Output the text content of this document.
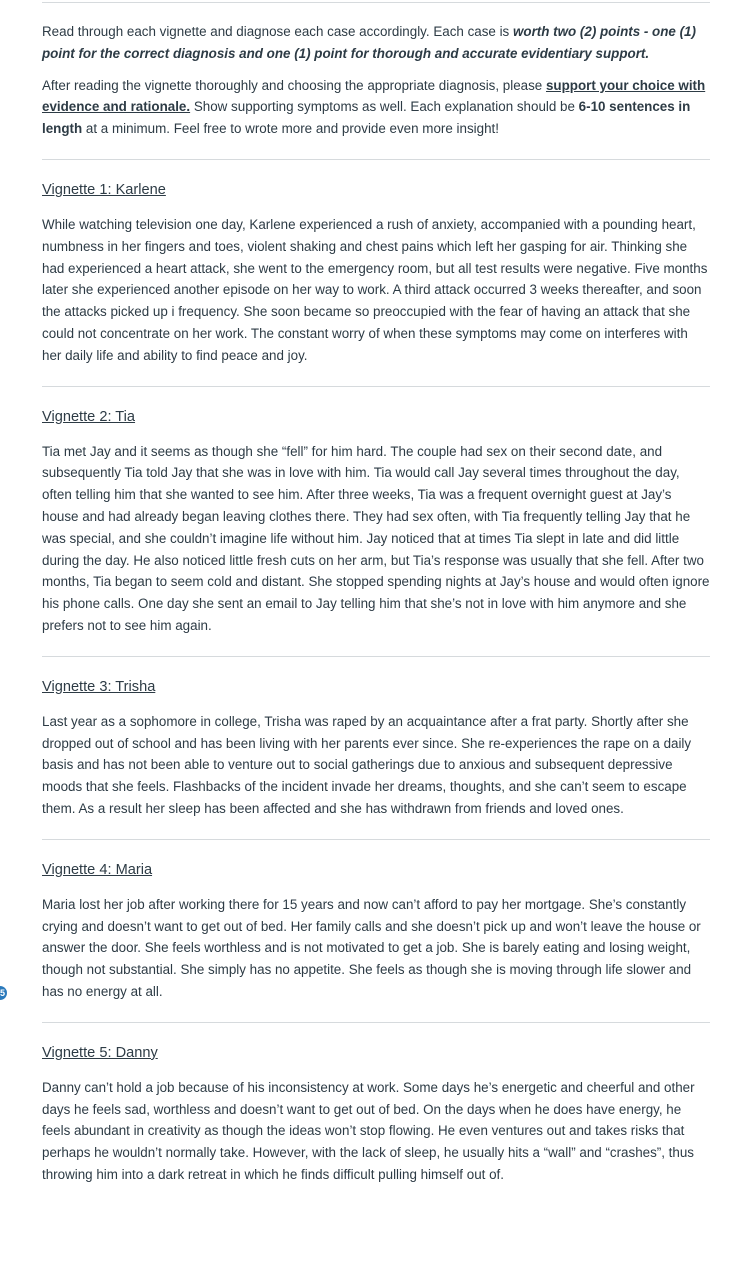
5

Read through each vignette and diagnose each case accordingly. Each case is worth two (2) points - one (1) point for the correct diagnosis and one (1) point for thorough and accurate evidentiary support.

After reading the vignette thoroughly and choosing the appropriate diagnosis, please support your choice with evidence and rationale. Show supporting symptoms as well. Each explanation should be 6-10 sentences in length at a minimum. Feel free to wrote more and provide even more insight!

Vignette 1: Karlene

While watching television one day, Karlene experienced a rush of anxiety, accompanied with a pounding heart, numbness in her fingers and toes, violent shaking and chest pains which left her gasping for air. Thinking she had experienced a heart attack, she went to the emergency room, but all test results were negative. Five months later she experienced another episode on her way to work. A third attack occurred 3 weeks thereafter, and soon the attacks picked up i frequency. She soon became so preoccupied with the fear of having an attack that she could not concentrate on her work. The constant worry of when these symptoms may come on interferes with her daily life and ability to find peace and joy.

Vignette 2: Tia

Tia met Jay and it seems as though she “fell” for him hard. The couple had sex on their second date, and subsequently Tia told Jay that she was in love with him. Tia would call Jay several times throughout the day, often telling him that she wanted to see him. After three weeks, Tia was a frequent overnight guest at Jay’s house and had already began leaving clothes there. They had sex often, with Tia frequently telling Jay that he was special, and she couldn’t imagine life without him. Jay noticed that at times Tia slept in late and did little during the day. He also noticed little fresh cuts on her arm, but Tia’s response was usually that she fell. After two months, Tia began to seem cold and distant. She stopped spending nights at Jay’s house and would often ignore his phone calls. One day she sent an email to Jay telling him that she’s not in love with him anymore and she prefers not to see him again.

Vignette 3: Trisha

Last year as a sophomore in college, Trisha was raped by an acquaintance after a frat party. Shortly after she dropped out of school and has been living with her parents ever since. She re-experiences the rape on a daily basis and has not been able to venture out to social gatherings due to anxious and subsequent depressive moods that she feels. Flashbacks of the incident invade her dreams, thoughts, and she can’t seem to escape them. As a result her sleep has been affected and she has withdrawn from friends and loved ones.

Vignette 4: Maria

Maria lost her job after working there for 15 years and now can’t afford to pay her mortgage. She’s constantly crying and doesn’t want to get out of bed. Her family calls and she doesn’t pick up and won’t leave the house or answer the door. She feels worthless and is not motivated to get a job. She is barely eating and losing weight, though not substantial. She simply has no appetite. She feels as though she is moving through life slower and has no energy at all.

Vignette 5: Danny

Danny can’t hold a job because of his inconsistency at work. Some days he’s energetic and cheerful and other days he feels sad, worthless and doesn’t want to get out of bed. On the days when he does have energy, he feels abundant in creativity as though the ideas won’t stop flowing. He even ventures out and takes risks that perhaps he wouldn’t normally take. However, with the lack of sleep, he usually hits a “wall” and “crashes”, thus throwing him into a dark retreat in which he finds difficult pulling himself out of.
